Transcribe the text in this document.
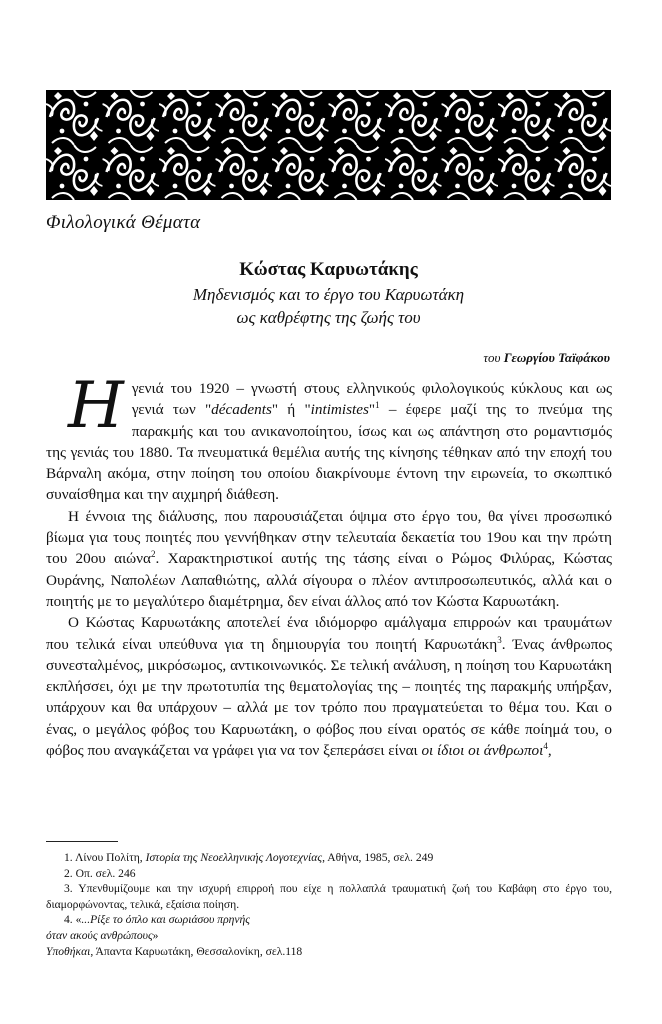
Φιλολογικά Θέματα
Κώστας Καρυωτάκης
Μηδενισμός και το έργο του Καρυωτάκη
ως καθρέφτης της ζωής του
του Γεωργίου Ταϊφάκου

Ηγενιά του 1920 – γνωστή στους ελληνικούς φιλολογικούς κύκλους και ως γενιά των "décadents" ή "intimistes"$^1$ – έφερε μαζί της το πνεύμα της παρακμής και του ανικανοποίητου, ίσως και ως απάντηση στο ρομαντισμός της γενιάς του 1880. Τα πνευματικά θεμέλια αυτής της κίνησης τέθηκαν από την εποχή του Βάρναλη ακόμα, στην ποίηση του οποίου διακρίνουμε έντονη την ειρωνεία, το σκωπτικό συναίσθημα και την αιχμηρή διάθεση.

Η έννοια της διάλυσης, που παρουσιάζεται όψιμα στο έργο του, θα γίνει προσωπικό βίωμα για τους ποιητές που γεννήθηκαν στην τελευταία δεκαετία του 19ου και την πρώτη του 20ου αιώνα$^2$. Χαρακτηριστικοί αυτής της τάσης είναι ο Ρώμος Φιλύρας, Κώστας Ουράνης, Ναπολέων Λαπαθιώτης, αλλά σίγουρα ο πλέον αντιπροσωπευτικός, αλλά και ο ποιητής με το μεγαλύτερο διαμέτρημα, δεν είναι άλλος από τον Κώστα Καρυωτάκη.

Ο Κώστας Καρυωτάκης αποτελεί ένα ιδιόμορφο αμάλγαμα επιρροών και τραυμάτων που τελικά είναι υπεύθυνα για τη δημιουργία του ποιητή Καρυωτάκη$^3$. Ένας άνθρωπος συνεσταλμένος, μικρόσωμος, αντικοινωνικός. Σε τελική ανάλυση, η ποίηση του Καρυωτάκη εκπλήσσει, όχι με την πρωτοτυπία της θεματολογίας της – ποιητές της παρακμής υπήρξαν, υπάρχουν και θα υπάρχουν – αλλά με τον τρόπο που πραγματεύεται το θέμα του. Και ο ένας, ο μεγάλος φόβος του Καρυωτάκη, ο φόβος που είναι ορατός σε κάθε ποίημά του, ο φόβος που αναγκάζεται να γράφει για να τον ξεπεράσει είναι οι ίδιοι οι άνθρωποι$^4$,

1. Λίνου Πολίτη, Ιστορία της Νεοελληνικής Λογοτεχνίας, Αθήνα, 1985, σελ. 249
2. Οπ. σελ. 246
3. Υπενθυμίζουμε και την ισχυρή επιρροή που είχε η πολλαπλά τραυματική ζωή του Καβάφη στο έργο του, διαμορφώνοντας, τελικά, εξαίσια ποίηση.
4. «...Ρίξε το όπλο και σωριάσου πρηνής
όταν ακούς ανθρώπους»
Υποθήκαι, Άπαντα Καρυωτάκη, Θεσσαλονίκη, σελ.118
